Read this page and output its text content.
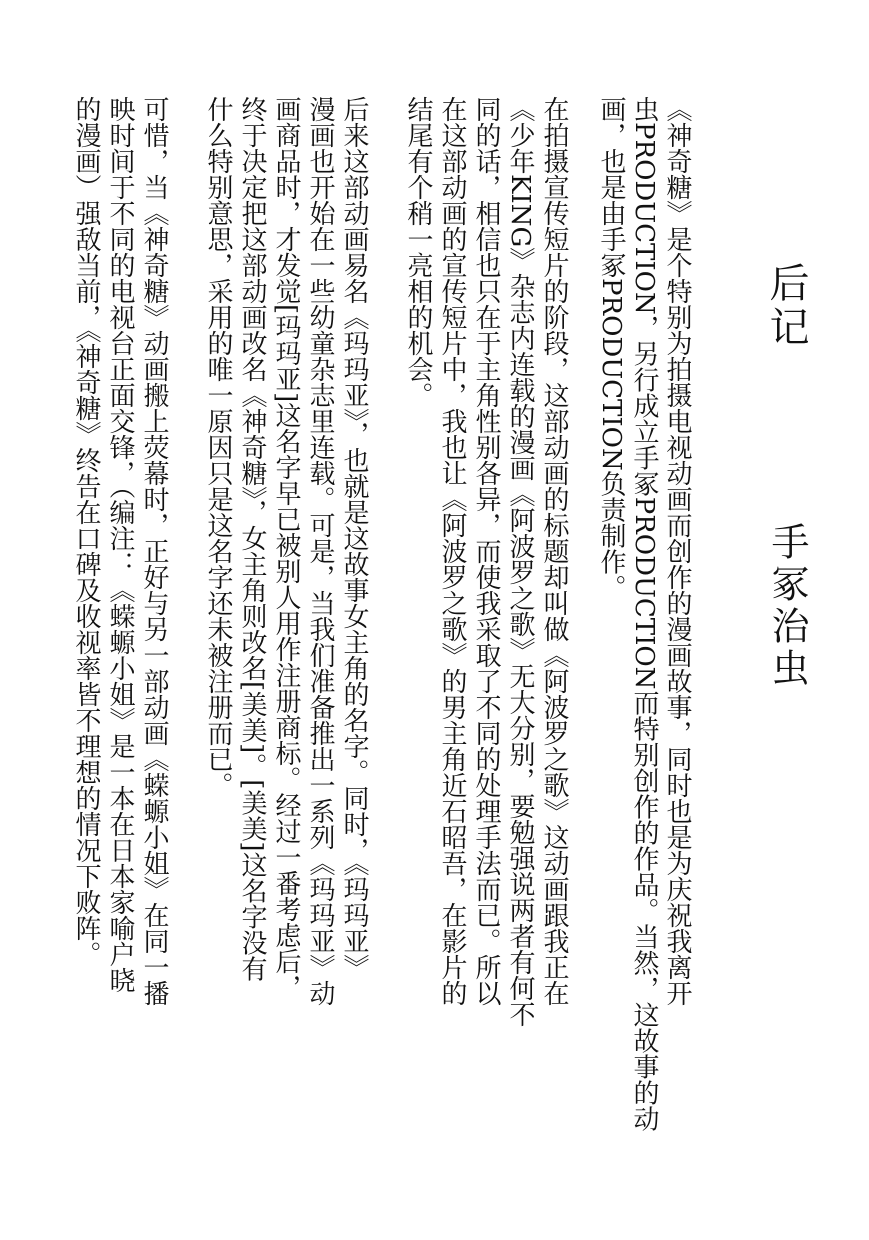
后记
手冢治虫
《神奇糖》是个特别为拍摄电视动画而创作的漫画故事，同时也是为庆祝我离开
虫PRODUCTION，另行成立手冢PRODUCTION而特别创作的作品。当然，这故事的动
画，也是由手冢PRODUCTION负责制作。
在拍摄宣传短片的阶段，这部动画的标题却叫做《阿波罗之歌》这动画跟我正在
《少年KING》杂志内连载的漫画《阿波罗之歌》无大分别，要勉强说两者有何不
同的话，相信也只在于主角性别各异，而使我采取了不同的处理手法而已。所以
在这部动画的宣传短片中，我也让《阿波罗之歌》的男主角近石昭吾，在影片的
结尾有个稍一亮相的机会。
后来这部动画易名《玛玛亚》，也就是这故事女主角的名字。同时，《玛玛亚》
漫画也开始在一些幼童杂志里连载。可是，当我们准备推出一系列《玛玛亚》动
画商品时，才发觉[玛玛亚]这名字早已被别人用作注册商标。经过一番考虑后，
终于决定把这部动画改名《神奇糖》，女主角则改名[美美]。[美美]这名字没有
什么特别意思，采用的唯一原因只是这名字还未被注册而已。
可惜，当《神奇糖》动画搬上荧幕时，正好与另一部动画《蝾螈小姐》在同一播
映时间于不同的电视台正面交锋，（编注：《蝾螈小姐》是一本在日本家喻户晓
的漫画）强敌当前，《神奇糖》终告在口碑及收视率皆不理想的情况下败阵。
